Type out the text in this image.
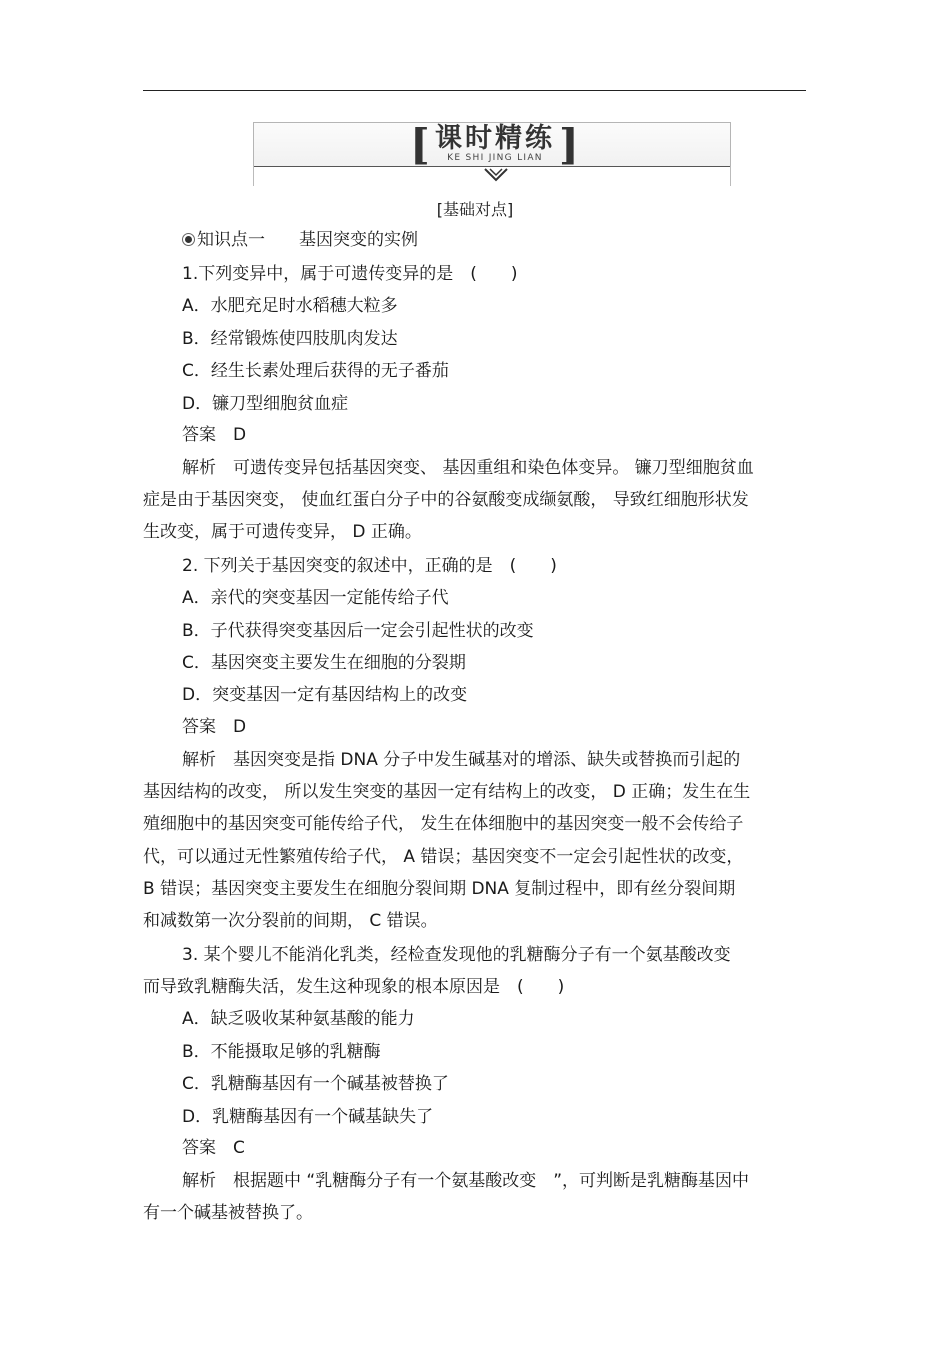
[	]
课时精练
KE SHI JING LIAN
[基础对点]
知识点一　　基因突变的实例
1.下列变异中，属于可遗传变异的是　(　　)
A．水肥充足时水稻穗大粒多
B．经常锻炼使四肢肌肉发达
C．经生长素处理后获得的无子番茄
D．镰刀型细胞贫血症
答案　D
解析　可遗传变异包括基因突变、 基因重组和染色体变异。 镰刀型细胞贫血
症是由于基因突变， 使血红蛋白分子中的谷氨酸变成缬氨酸， 导致红细胞形状发
生改变，属于可遗传变异， D 正确。
2. 下列关于基因突变的叙述中，正确的是　(　　)
A．亲代的突变基因一定能传给子代
B．子代获得突变基因后一定会引起性状的改变
C．基因突变主要发生在细胞的分裂期
D．突变基因一定有基因结构上的改变
答案　D
解析　基因突变是指 DNA 分子中发生碱基对的增添、缺失或替换而引起的
基因结构的改变， 所以发生突变的基因一定有结构上的改变， D 正确；发生在生
殖细胞中的基因突变可能传给子代， 发生在体细胞中的基因突变一般不会传给子
代，可以通过无性繁殖传给子代， A 错误；基因突变不一定会引起性状的改变，
B 错误；基因突变主要发生在细胞分裂间期 DNA 复制过程中，即有丝分裂间期
和减数第一次分裂前的间期， C 错误。
3. 某个婴儿不能消化乳类，经检查发现他的乳糖酶分子有一个氨基酸改变
而导致乳糖酶失活，发生这种现象的根本原因是　(　　)
A．缺乏吸收某种氨基酸的能力
B．不能摄取足够的乳糖酶
C．乳糖酶基因有一个碱基被替换了
D．乳糖酶基因有一个碱基缺失了
答案　C
解析　根据题中 “乳糖酶分子有一个氨基酸改变　”，可判断是乳糖酶基因中
有一个碱基被替换了。
